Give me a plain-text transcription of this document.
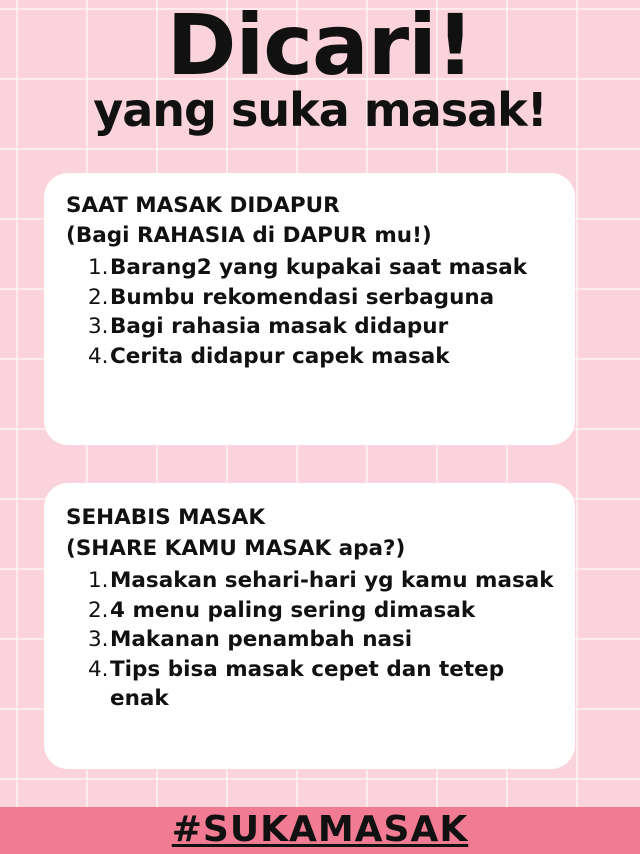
Dicari!
yang suka masak!
SAAT MASAK DIDAPUR
(Bagi RAHASIA di DAPUR mu!)
1. Barang2 yang kupakai saat masak
2. Bumbu rekomendasi serbaguna
3. Bagi rahasia masak didapur
4. Cerita didapur capek masak
SEHABIS MASAK
(SHARE KAMU MASAK apa?)
1. Masakan sehari-hari yg kamu masak
2. 4 menu paling sering dimasak
3. Makanan penambah nasi
4. Tips bisa masak cepet dan tetep enak
#SUKAMASAK
